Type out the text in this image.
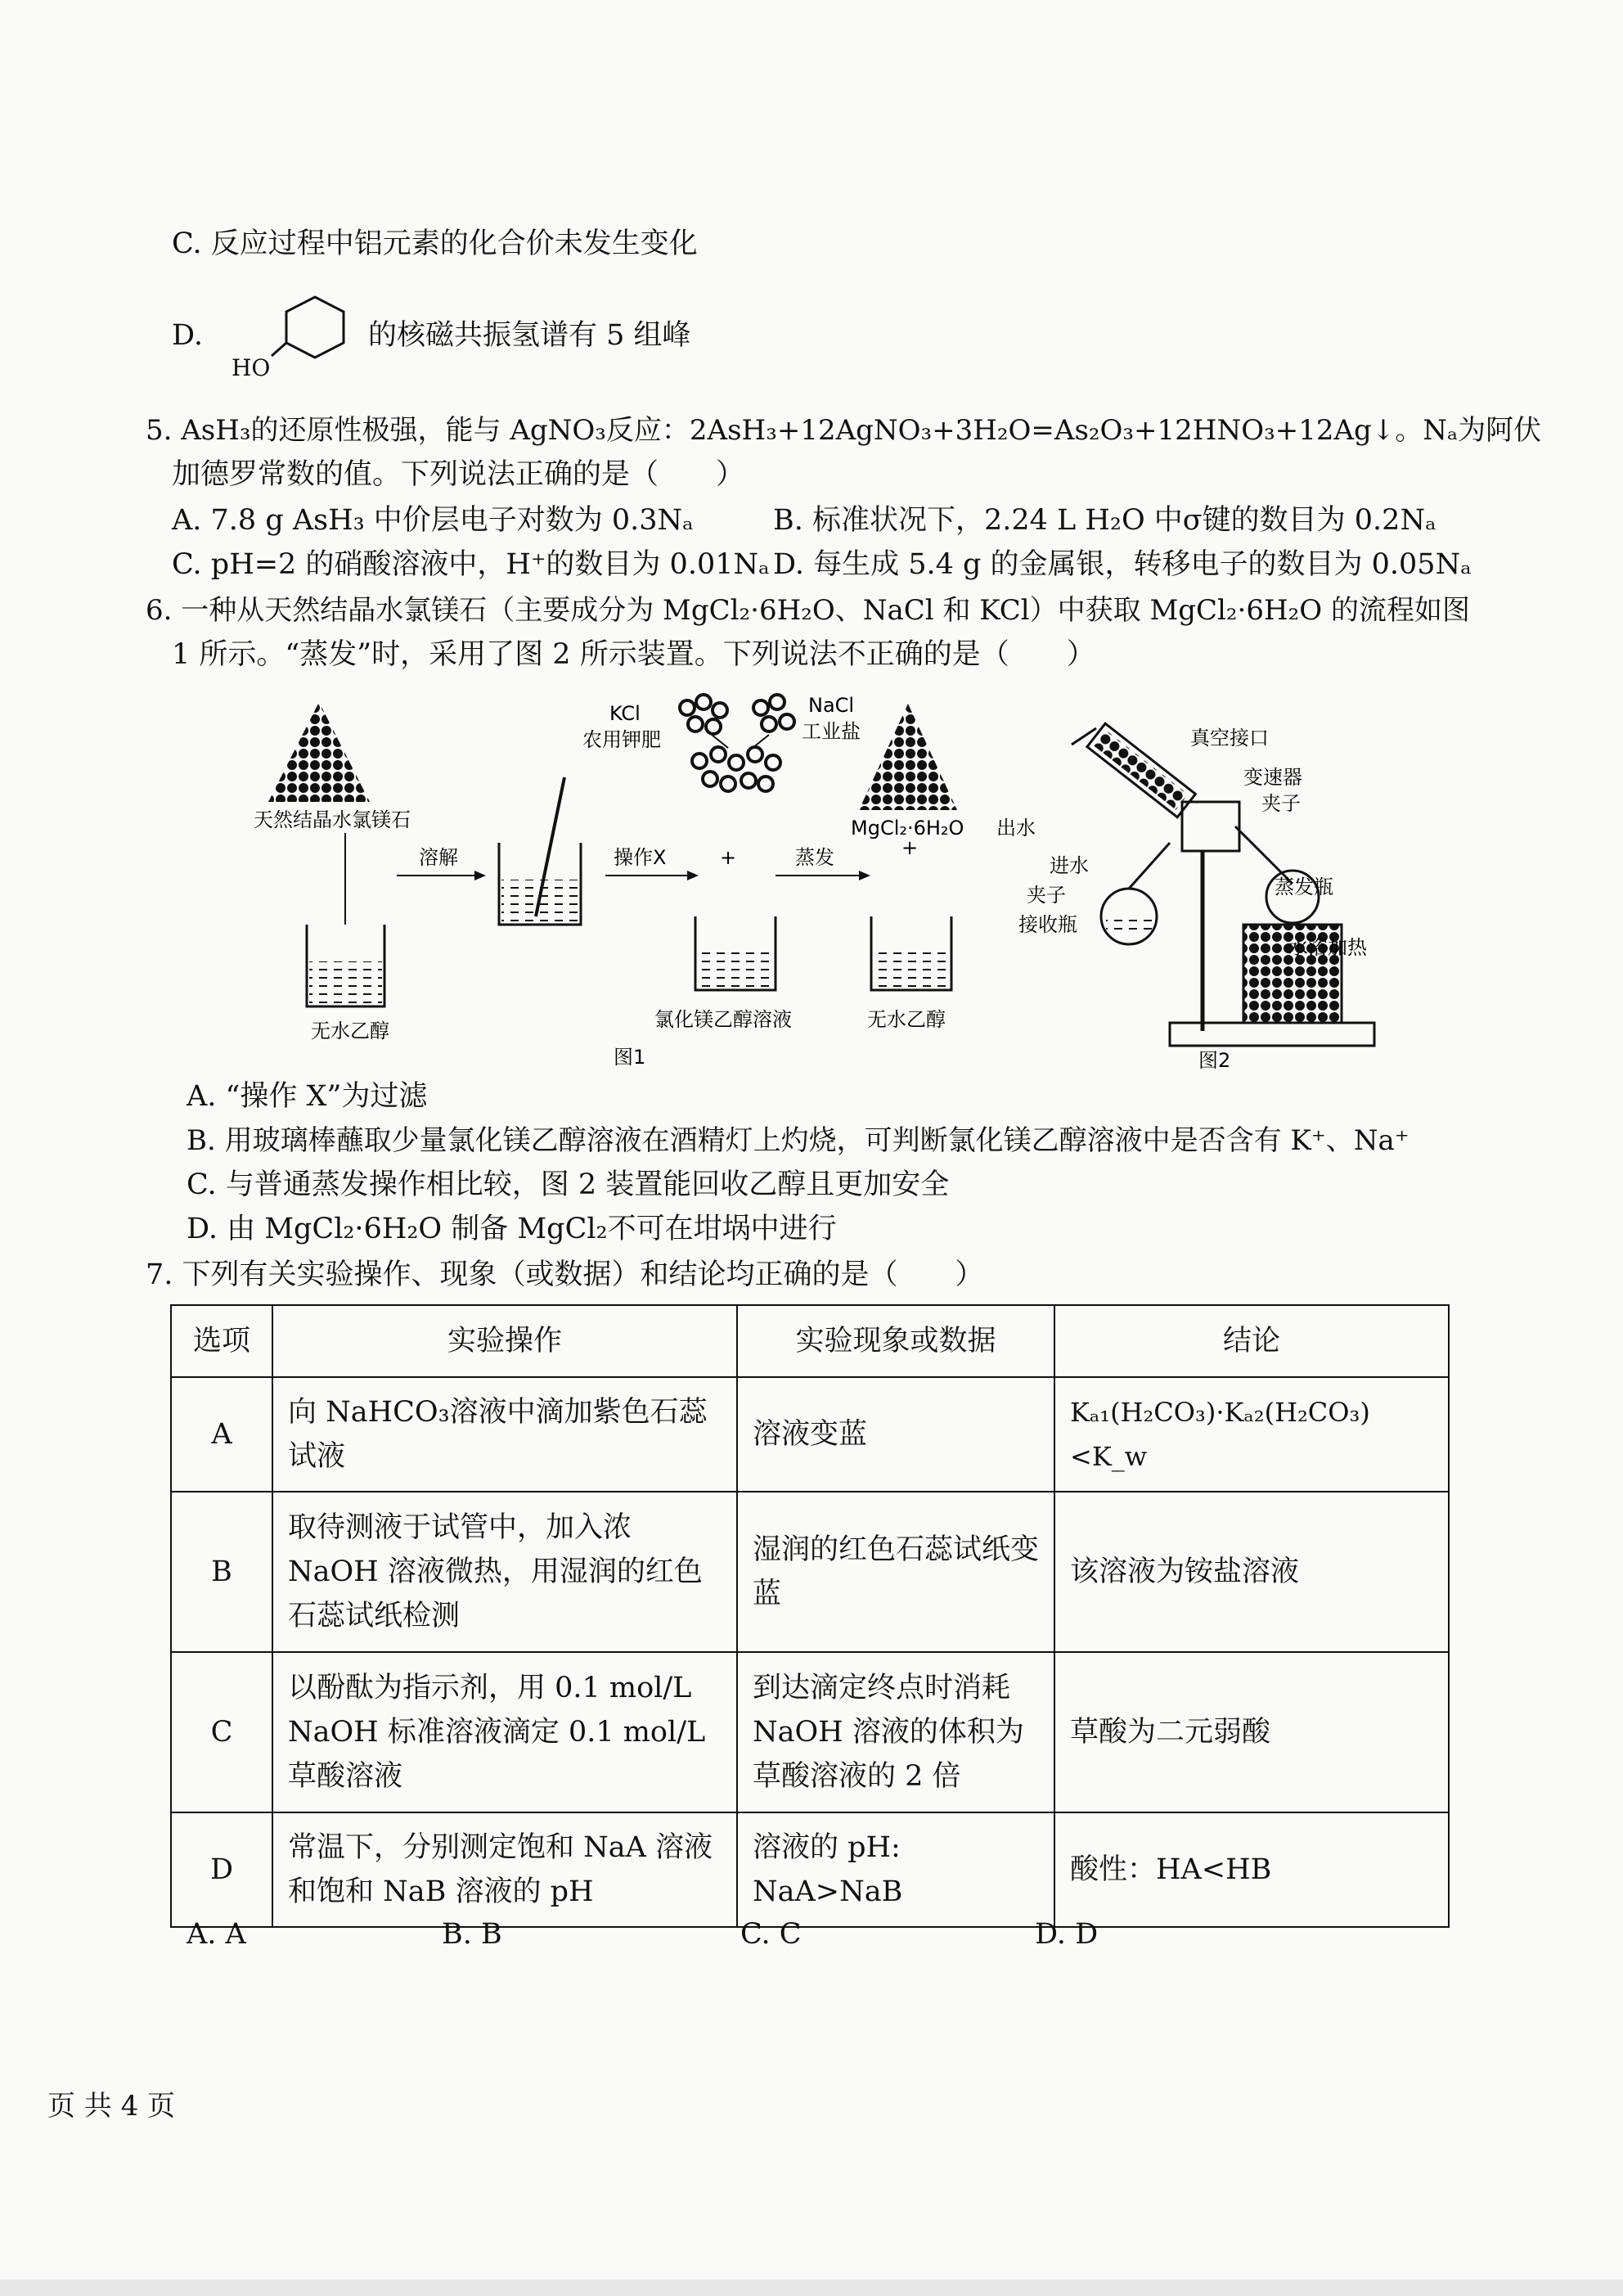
C. 反应过程中铝元素的化合价未发生变化
D.
HO
的核磁共振氢谱有 5 组峰
5. AsH₃的还原性极强，能与 AgNO₃反应：2AsH₃+12AgNO₃+3H₂O=As₂O₃+12HNO₃+12Ag↓。Nₐ为阿伏
加德罗常数的值。下列说法正确的是（　　）
A. 7.8 g AsH₃ 中价层电子对数为 0.3Nₐ	B. 标准状况下，2.24 L H₂O 中σ键的数目为 0.2Nₐ
C. pH=2 的硝酸溶液中，H⁺的数目为 0.01Nₐ D. 每生成 5.4 g 的金属银，转移电子的数目为 0.05Nₐ
6. 一种从天然结晶水氯镁石（主要成分为 MgCl₂·6H₂O、NaCl 和 KCl）中获取 MgCl₂·6H₂O 的流程如图
1 所示。“蒸发”时，采用了图 2 所示装置。下列说法不正确的是（　　）
天然结晶水氯镁石
无水乙醇
溶解	操作X	+
KCl
农用钾肥
NaCl
工业盐
氯化镁乙醇溶液
蒸发
MgCl₂·6H₂O
+
无水乙醇
图1
真空接口
变速器
夹子
出水
进水
夹子	蒸发瓶
接收瓶
水浴加热
图2
A. “操作 X”为过滤
B. 用玻璃棒蘸取少量氯化镁乙醇溶液在酒精灯上灼烧，可判断氯化镁乙醇溶液中是否含有 K⁺、Na⁺
C. 与普通蒸发操作相比较，图 2 装置能回收乙醇且更加安全
D. 由 MgCl₂·6H₂O 制备 MgCl₂不可在坩埚中进行
7. 下列有关实验操作、现象（或数据）和结论均正确的是（　　）
选项	实验操作	实验现象或数据	结论
A	向 NaHCO₃溶液中滴加紫色石蕊试液	溶液变蓝	Kₐ₁(H₂CO₃)·Kₐ₂(H₂CO₃)<K_w
B	取待测液于试管中，加入浓 NaOH 溶液微热，用湿润的红色石蕊试纸检测	湿润的红色石蕊试纸变蓝	该溶液为铵盐溶液
C	以酚酞为指示剂，用 0.1 mol/L NaOH 标准溶液滴定 0.1 mol/L 草酸溶液	到达滴定终点时消耗 NaOH 溶液的体积为草酸溶液的 2 倍	草酸为二元弱酸
D	常温下，分别测定饱和 NaA 溶液和饱和 NaB 溶液的 pH	溶液的 pH: NaA>NaB	酸性：HA<HB
A. A	B. B	C. C	D. D
页 共 4 页
